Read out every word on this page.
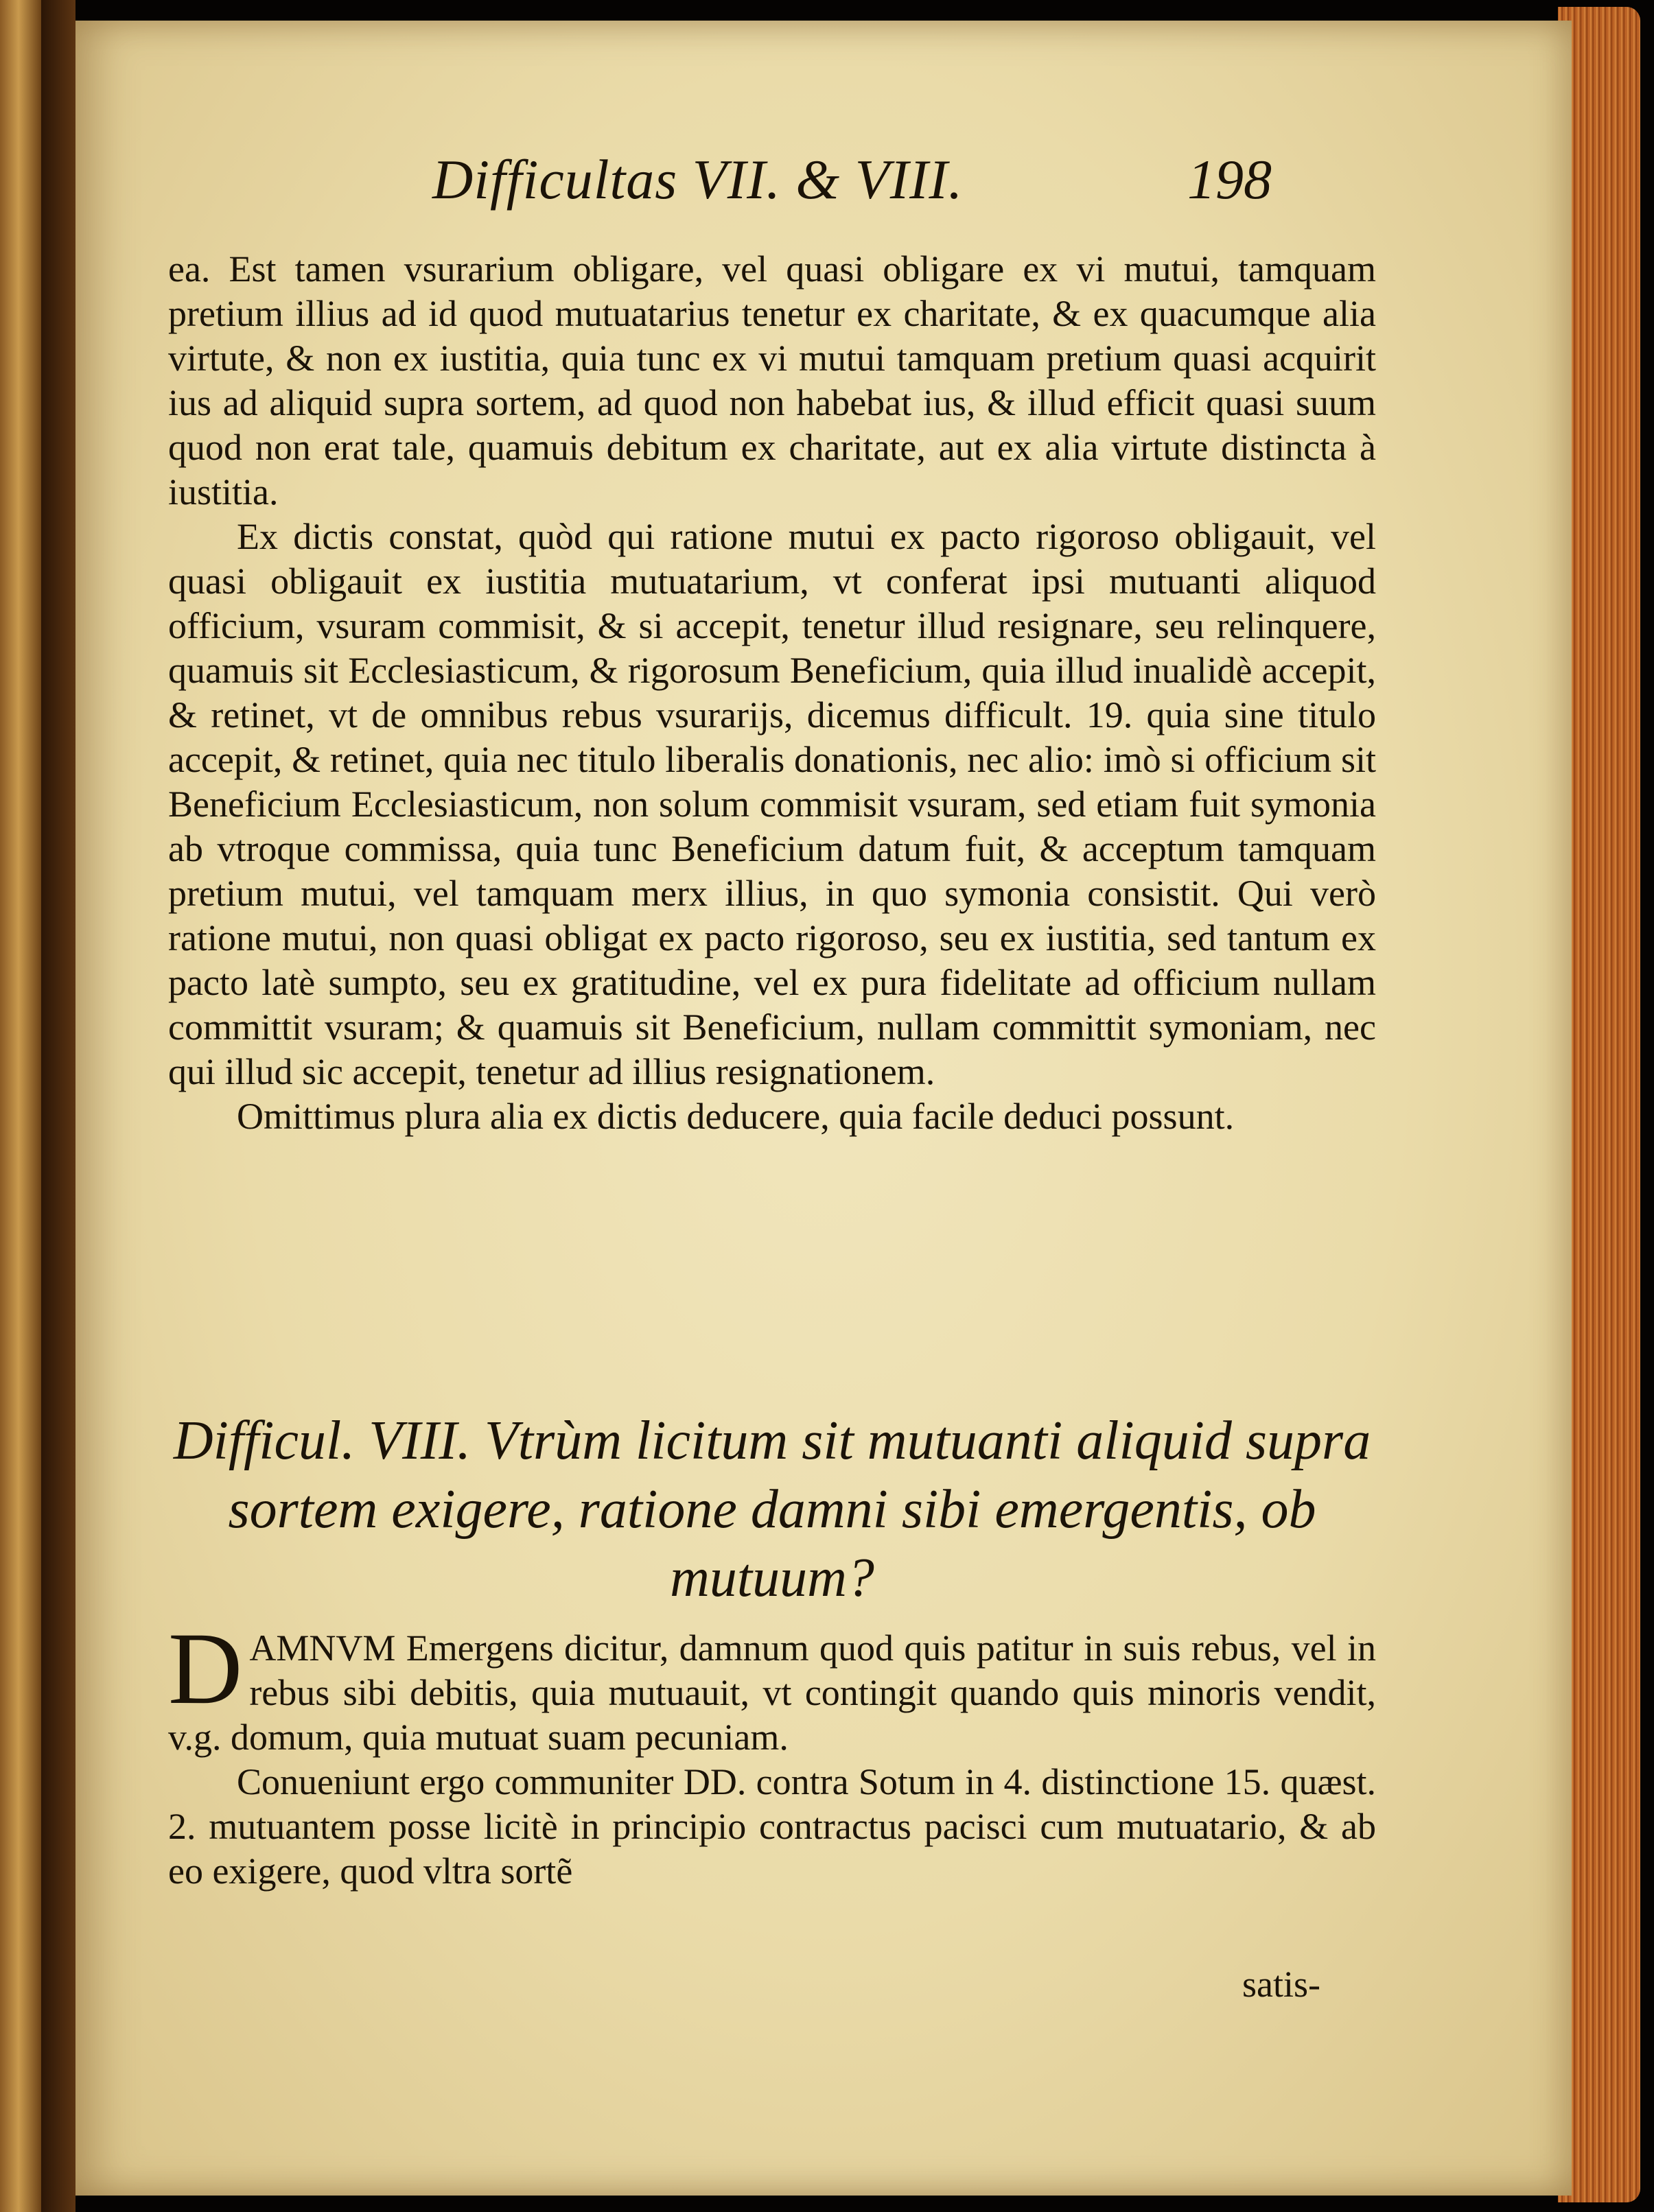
Difficultas VII. & VIII.	198

ea. Est tamen vsurarium obligare, vel quasi obligare ex vi mutui, tamquam pretium illius ad id quod mutuatarius tenetur ex charitate, & ex quacumque alia virtute, & non ex iustitia, quia tunc ex vi mutui tamquam pretium quasi acquirit ius ad aliquid supra sortem, ad quod non habebat ius, & illud efficit quasi suum quod non erat tale, quamuis debitum ex charitate, aut ex alia virtute distincta à iustitia.

Ex dictis constat, quòd qui ratione mutui ex pacto rigoroso obligauit, vel quasi obligauit ex iustitia mutuatarium, vt conferat ipsi mutuanti aliquod officium, vsuram commisit, & si accepit, tenetur illud resignare, seu relinquere, quamuis sit Ecclesiasticum, & rigorosum Beneficium, quia illud inualidè accepit, & retinet, vt de omnibus rebus vsurarijs, dicemus difficult. 19. quia sine titulo accepit, & retinet, quia nec titulo liberalis donationis, nec alio: imò si officium sit Beneficium Ecclesiasticum, non solum commisit vsuram, sed etiam fuit symonia ab vtroque commissa, quia tunc Beneficium datum fuit, & acceptum tamquam pretium mutui, vel tamquam merx illius, in quo symonia consistit. Qui verò ratione mutui, non quasi obligat ex pacto rigoroso, seu ex iustitia, sed tantum ex pacto latè sumpto, seu ex gratitudine, vel ex pura fidelitate ad officium nullam committit vsuram; & quamuis sit Beneficium, nullam committit symoniam, nec qui illud sic accepit, tenetur ad illius resignationem.

Omittimus plura alia ex dictis deducere, quia facile deduci possunt.

Difficul. VIII. Vtrùm licitum sit mutuanti aliquid supra sortem exigere, ratione damni sibi emergentis, ob mutuum?

DAMNVM Emergens dicitur, damnum quod quis patitur in suis rebus, vel in rebus sibi debitis, quia mutuauit, vt contingit quando quis minoris vendit, v.g. domum, quia mutuat suam pecuniam.

Conueniunt ergo communiter DD. contra Sotum in 4. distinctione 15. quæst. 2. mutuantem posse licitè in principio contractus pacisci cum mutuatario, & ab eo exigere, quod vltra sortẽ

satis-
